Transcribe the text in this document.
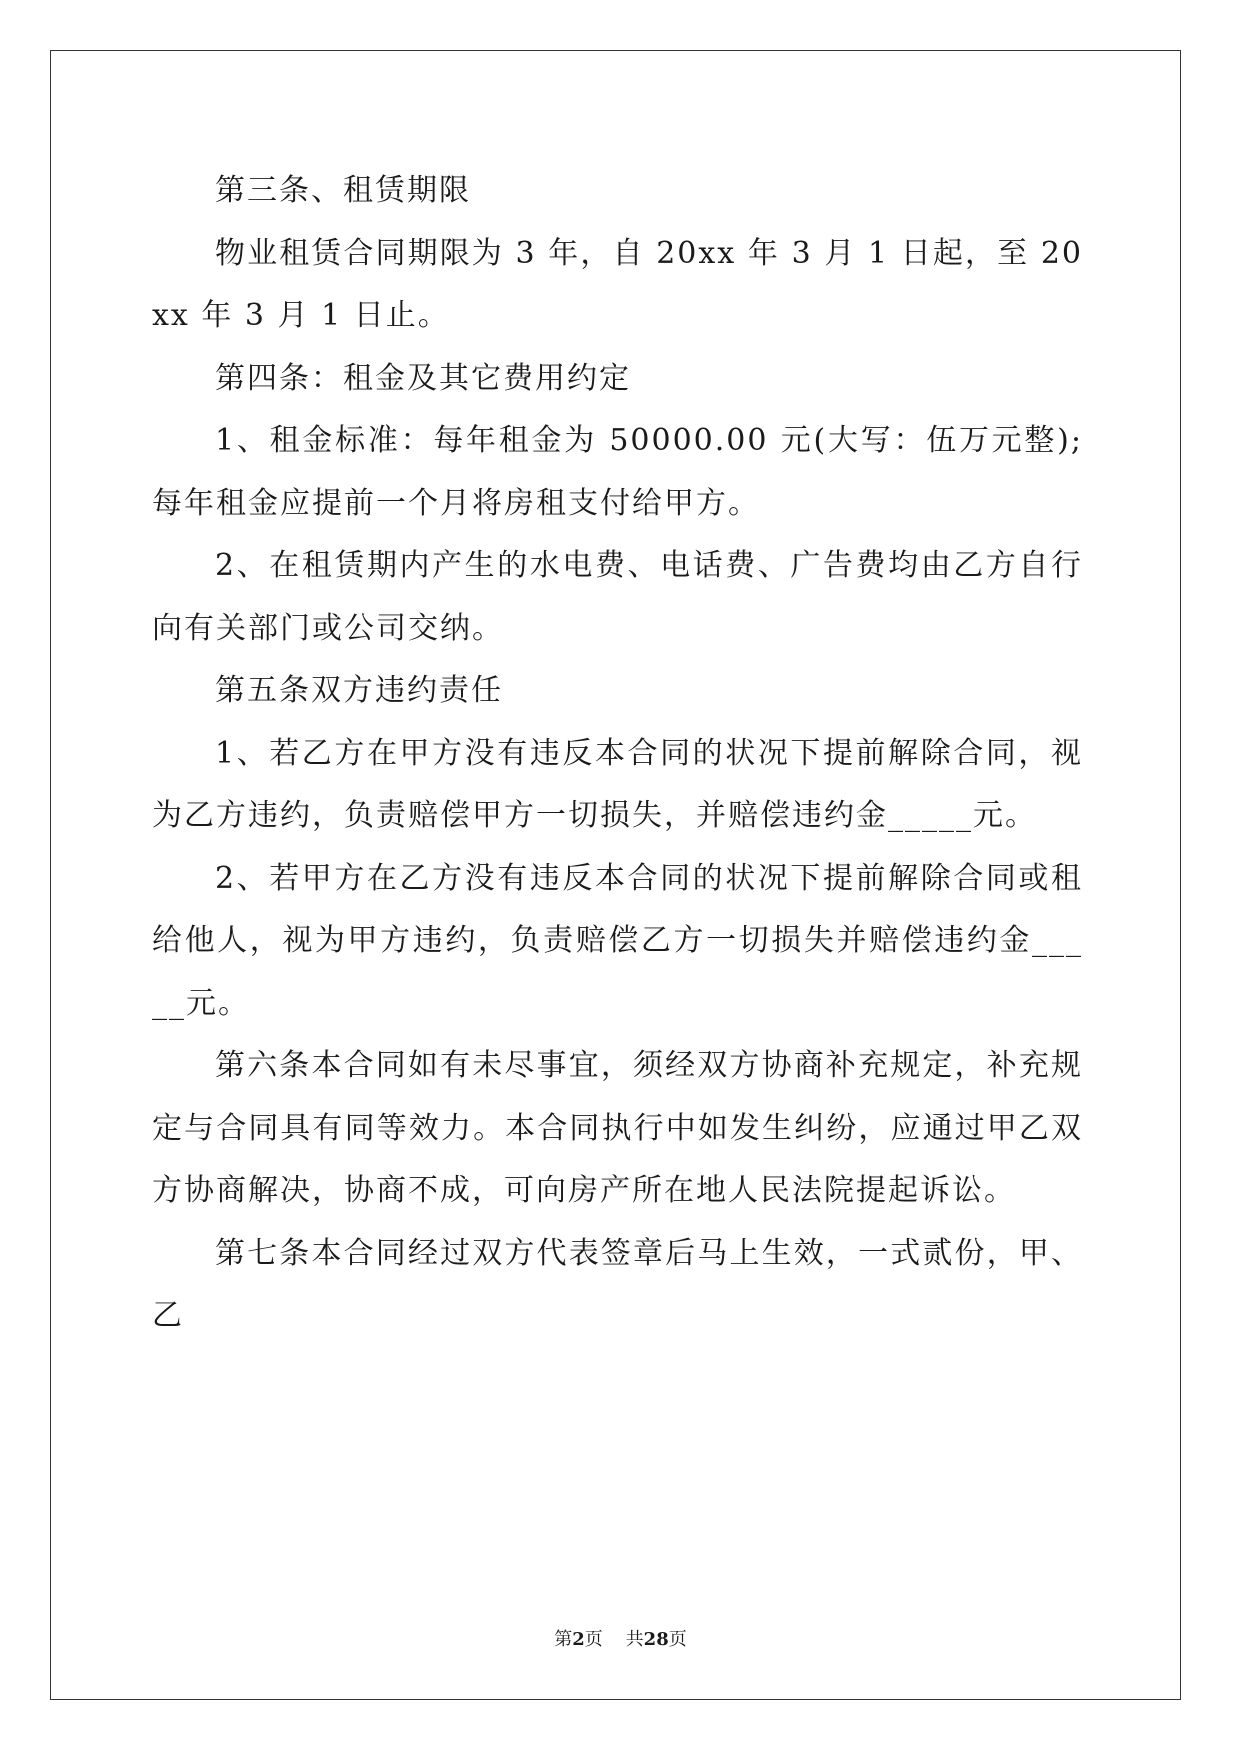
第三条、租赁期限

物业租赁合同期限为 3 年，自 20xx 年 3 月 1 日起，至 20xx 年 3 月 1 日止。

第四条：租金及其它费用约定

1、租金标准：每年租金为 50000.00 元(大写：伍万元整);每年租金应提前一个月将房租支付给甲方。

2、在租赁期内产生的水电费、电话费、广告费均由乙方自行向有关部门或公司交纳。

第五条双方违约责任

1、若乙方在甲方没有违反本合同的状况下提前解除合同，视为乙方违约，负责赔偿甲方一切损失，并赔偿违约金_____元。

2、若甲方在乙方没有违反本合同的状况下提前解除合同或租给他人，视为甲方违约，负责赔偿乙方一切损失并赔偿违约金_____元。

第六条本合同如有未尽事宜，须经双方协商补充规定，补充规定与合同具有同等效力。本合同执行中如发生纠纷，应通过甲乙双方协商解决，协商不成，可向房产所在地人民法院提起诉讼。

第七条本合同经过双方代表签章后马上生效，一式贰份，甲、乙

第2页 共28页
